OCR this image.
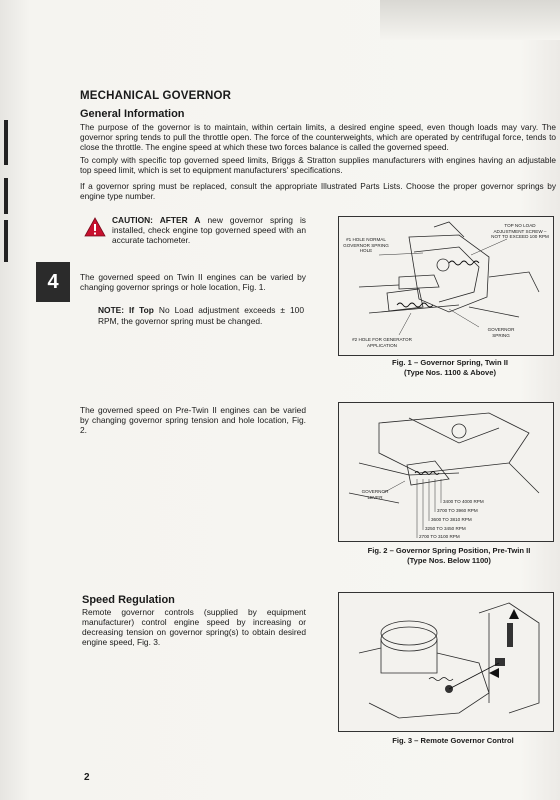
4
MECHANICAL GOVERNOR
General Information
The purpose of the governor is to maintain, within certain limits, a desired engine speed, even though loads may vary. The governor spring tends to pull the throttle open. The force of the counterweights, which are operated by centrifugal force, tends to close the throttle. The engine speed at which these two forces balance is called the governed speed.
To comply with specific top governed speed limits, Briggs & Stratton supplies manufacturers with engines having an adjustable top speed limit, which is set to equipment manufacturers' specifications.
If a governor spring must be replaced, consult the appropriate Illustrated Parts Lists. Choose the proper governor springs by engine type number.
CAUTION: AFTER A new governor spring is installed, check engine top governed speed with an accurate tachometer.
The governed speed on Twin II engines can be varied by changing governor springs or hole location, Fig. 1.
NOTE: If Top No Load adjustment exceeds ± 100 RPM, the governor spring must be changed.
The governed speed on Pre-Twin II engines can be varied by changing governor spring tension and hole location, Fig. 2.
Speed Regulation
Remote governor controls (supplied by equipment manufacturer) control engine speed by increasing or decreasing tension on governor spring(s) to obtain desired engine speed, Fig. 3.
#1 HOLE NORMAL GOVERNOR SPRING HOLE
TOP NO LOAD ADJUSTMENT SCREW – NOT TO EXCEED 100 RPM
#2 HOLE FOR GENERATOR APPLICATION
GOVERNOR SPRING
Fig. 1 – Governor Spring, Twin II
(Type Nos. 1100 & Above)
GOVERNOR LEVER
3400 TO 4000 RPM
3700 TO 3960 RPM
3600 TO 3810 RPM
3250 TO 3450 RPM
2700 TO 3100 RPM
Fig. 2 – Governor Spring Position, Pre-Twin II
(Type Nos. Below 1100)
Fig. 3 – Remote Governor Control
2
